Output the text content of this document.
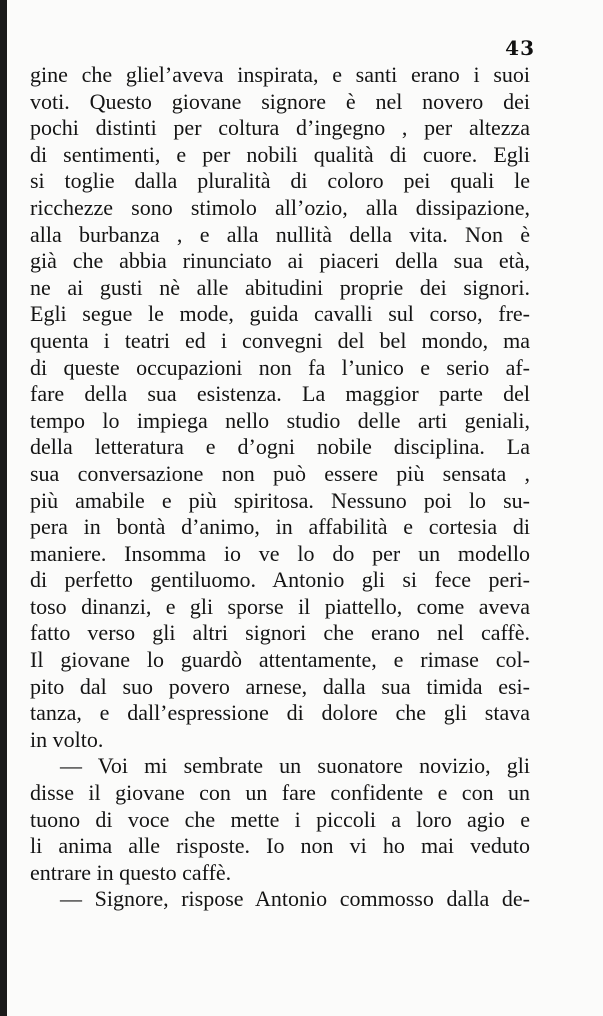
43
gine che gliel’aveva inspirata, e santi erano i suoi
voti. Questo giovane signore è nel novero dei
pochi distinti per coltura d’ingegno , per altezza
di sentimenti, e per nobili qualità di cuore. Egli
si toglie dalla pluralità di coloro pei quali le
ricchezze sono stimolo all’ozio, alla dissipazione,
alla burbanza , e alla nullità della vita. Non è
già che abbia rinunciato ai piaceri della sua età,
ne ai gusti nè alle abitudini proprie dei signori.
Egli segue le mode, guida cavalli sul corso, fre-
quenta i teatri ed i convegni del bel mondo, ma
di queste occupazioni non fa l’unico e serio af-
fare della sua esistenza. La maggior parte del
tempo lo impiega nello studio delle arti geniali,
della letteratura e d’ogni nobile disciplina. La
sua conversazione non può essere più sensata ,
più amabile e più spiritosa. Nessuno poi lo su-
pera in bontà d’animo, in affabilità e cortesia di
maniere. Insomma io ve lo do per un modello
di perfetto gentiluomo. Antonio gli si fece peri-
toso dinanzi, e gli sporse il piattello, come aveva
fatto verso gli altri signori che erano nel caffè.
Il giovane lo guardò attentamente, e rimase col-
pito dal suo povero arnese, dalla sua timida esi-
tanza, e dall’espressione di dolore che gli stava
in volto.
— Voi mi sembrate un suonatore novizio, gli
disse il giovane con un fare confidente e con un
tuono di voce che mette i piccoli a loro agio e
li anima alle risposte. Io non vi ho mai veduto
entrare in questo caffè.
— Signore, rispose Antonio commosso dalla de-
